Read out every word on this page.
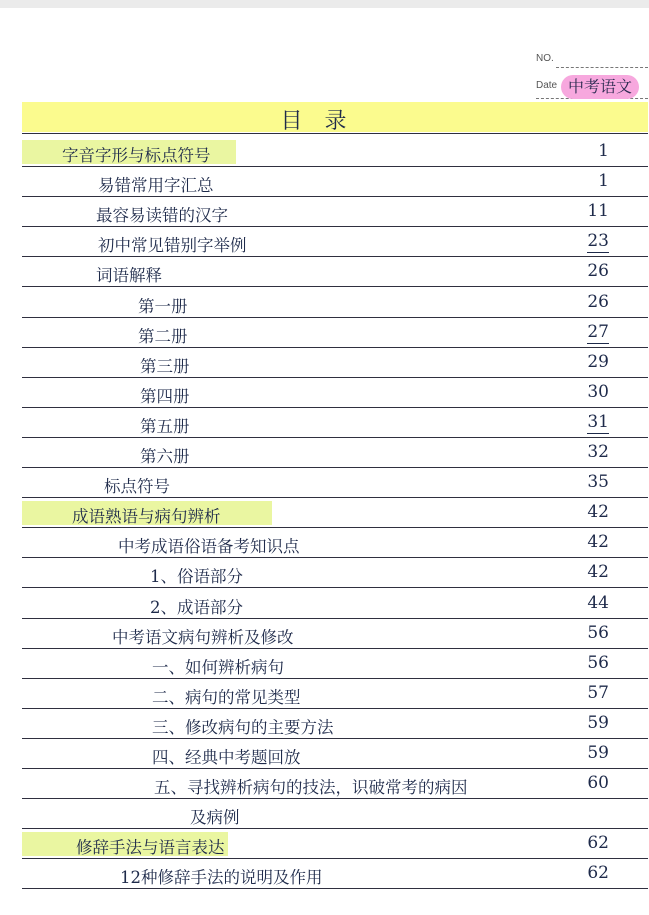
NO.
Date 中考语文
目录
字音字形与标点符号	1
易错常用字汇总	1
最容易读错的汉字	11
初中常见错别字举例	23
词语解释	26
第一册	26
第二册	27
第三册	29
第四册	30
第五册	31
第六册	32
标点符号	35
成语熟语与病句辨析	42
中考成语俗语备考知识点	42
1、俗语部分	42
2、成语部分	44
中考语文病句辨析及修改	56
一、如何辨析病句	56
二、病句的常见类型	57
三、修改病句的主要方法	59
四、经典中考题回放	59
五、寻找辨析病句的技法，识破常考的病因	60
及病例
修辞手法与语言表达	62
12种修辞手法的说明及作用	62
